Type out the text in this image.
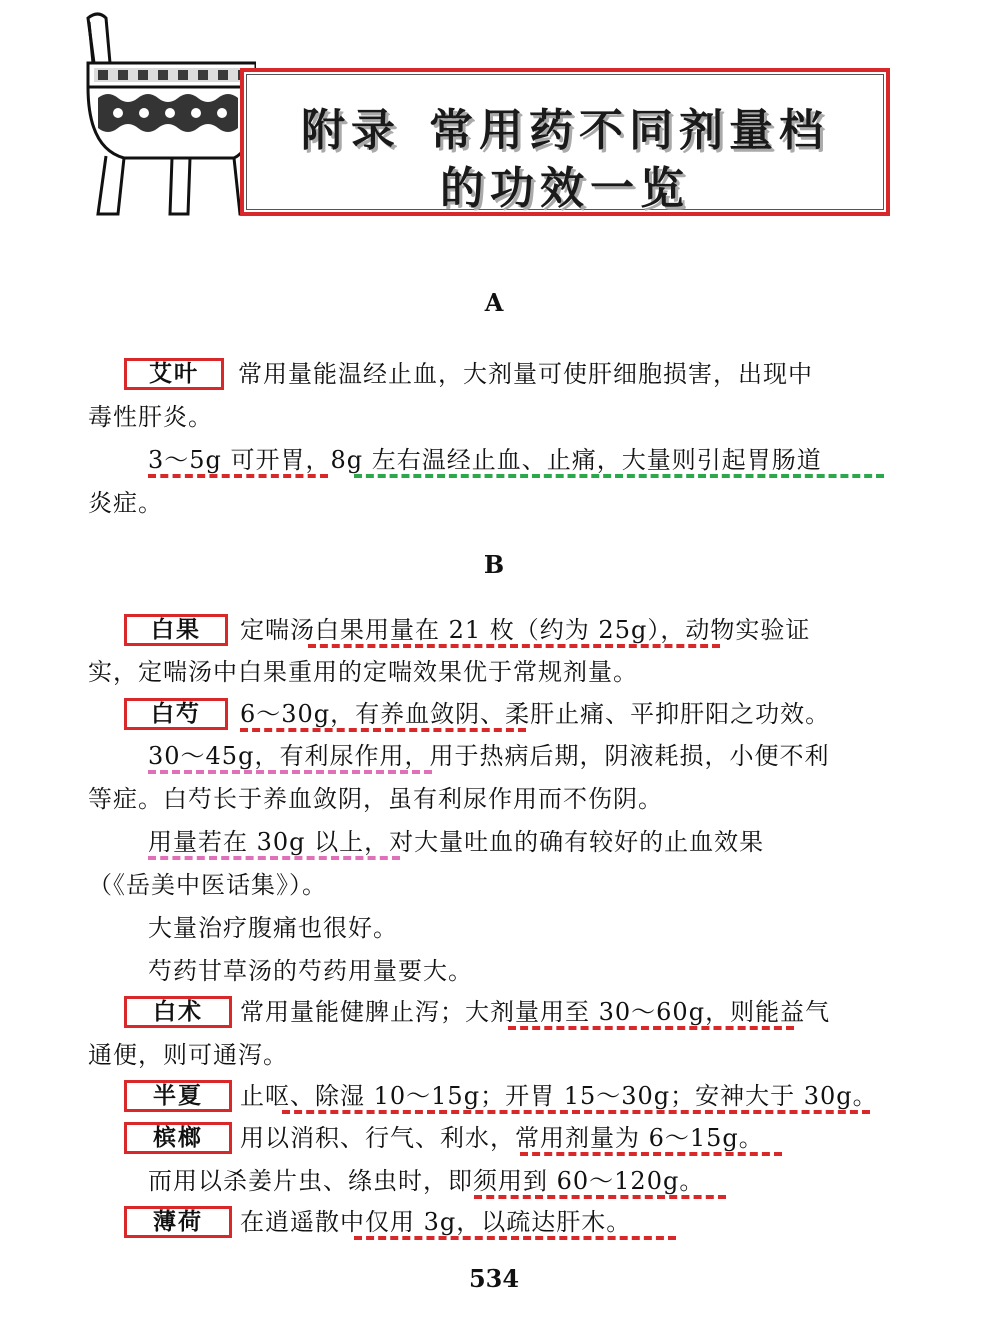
附录 常用药不同剂量档
的功效一览
A
艾叶	常用量能温经止血，大剂量可使肝细胞损害，出现中
毒性肝炎。
3～5g 可开胃，8g 左右温经止血、止痛，大量则引起胃肠道
炎症。
B
白果	定喘汤白果用量在 21 枚（约为 25g），动物实验证
实，定喘汤中白果重用的定喘效果优于常规剂量。
白芍	6～30g，有养血敛阴、柔肝止痛、平抑肝阳之功效。
30～45g，有利尿作用，用于热病后期，阴液耗损，小便不利
等症。白芍长于养血敛阴，虽有利尿作用而不伤阴。
用量若在 30g 以上，对大量吐血的确有较好的止血效果
（《岳美中医话集》）。
大量治疗腹痛也很好。
芍药甘草汤的芍药用量要大。
白术	常用量能健脾止泻；大剂量用至 30～60g，则能益气
通便，则可通泻。
半夏	止呕、除湿 10～15g；开胃 15～30g；安神大于 30g。
槟榔	用以消积、行气、利水，常用剂量为 6～15g。
而用以杀姜片虫、绦虫时，即须用到 60～120g。
薄荷	在逍遥散中仅用 3g，以疏达肝木。
534
